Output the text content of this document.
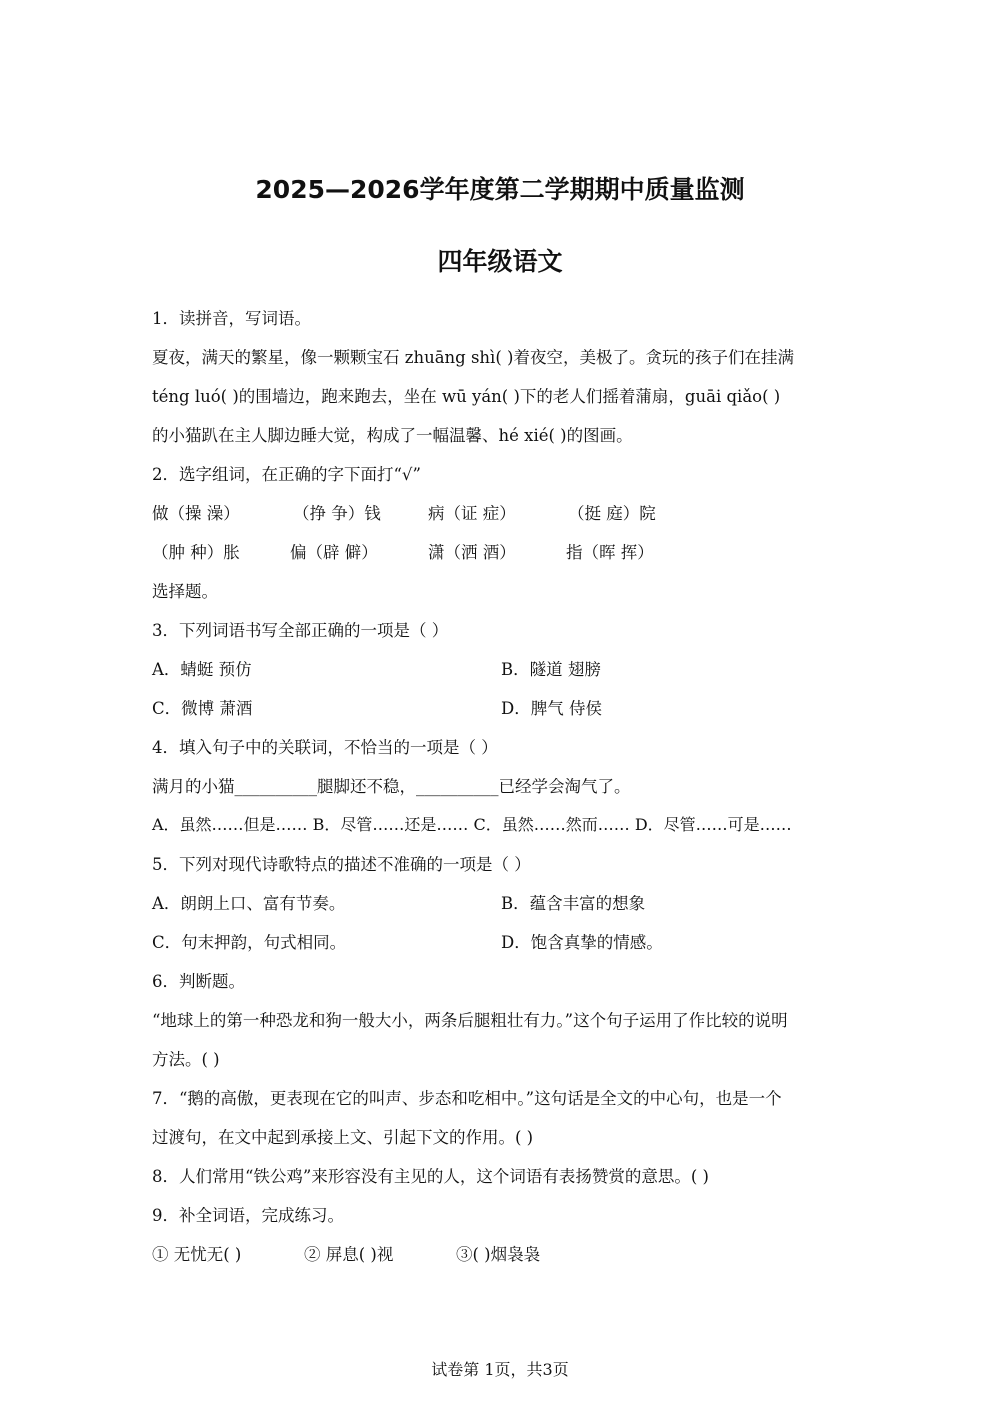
2025—2026学年度第二学期期中质量监测
四年级语文
1．读拼音，写词语。
夏夜，满天的繁星，像一颗颗宝石 zhuāng shì( )着夜空，美极了。贪玩的孩子们在挂满
téng luó( )的围墙边，跑来跑去，坐在 wū yán( )下的老人们摇着蒲扇，guāi qiǎo( )
的小猫趴在主人脚边睡大觉，构成了一幅温馨、hé xié( )的图画。
2．选字组词，在正确的字下面打“√”
做（操 澡）	（挣 争）钱	病（证 症）	（挺 庭）院
（肿 种）胀	偏（辟 僻）	潇（洒 酒）	指（晖 挥）
选择题。
3．下列词语书写全部正确的一项是（ ）
A．蜻蜓 预仿	B．隧道 翅膀
C．微博 萧酒	D．脾气 侍侯
4．填入句子中的关联词，不恰当的一项是（ ）
满月的小猫__________腿脚还不稳，__________已经学会淘气了。
A．虽然……但是…… B．尽管……还是…… C．虽然……然而…… D．尽管……可是……
5．下列对现代诗歌特点的描述不准确的一项是（ ）
A．朗朗上口、富有节奏。	B．蕴含丰富的想象
C．句末押韵，句式相同。	D．饱含真挚的情感。
6．判断题。
“地球上的第一种恐龙和狗一般大小，两条后腿粗壮有力。”这个句子运用了作比较的说明
方法。( )
7．“鹅的高傲，更表现在它的叫声、步态和吃相中。”这句话是全文的中心句，也是一个
过渡句，在文中起到承接上文、引起下文的作用。( )
8．人们常用“铁公鸡”来形容没有主见的人，这个词语有表扬赞赏的意思。( )
9．补全词语，完成练习。
① 无忧无( )	② 屏息( )视	③( )烟袅袅
试卷第 1页，共3页
